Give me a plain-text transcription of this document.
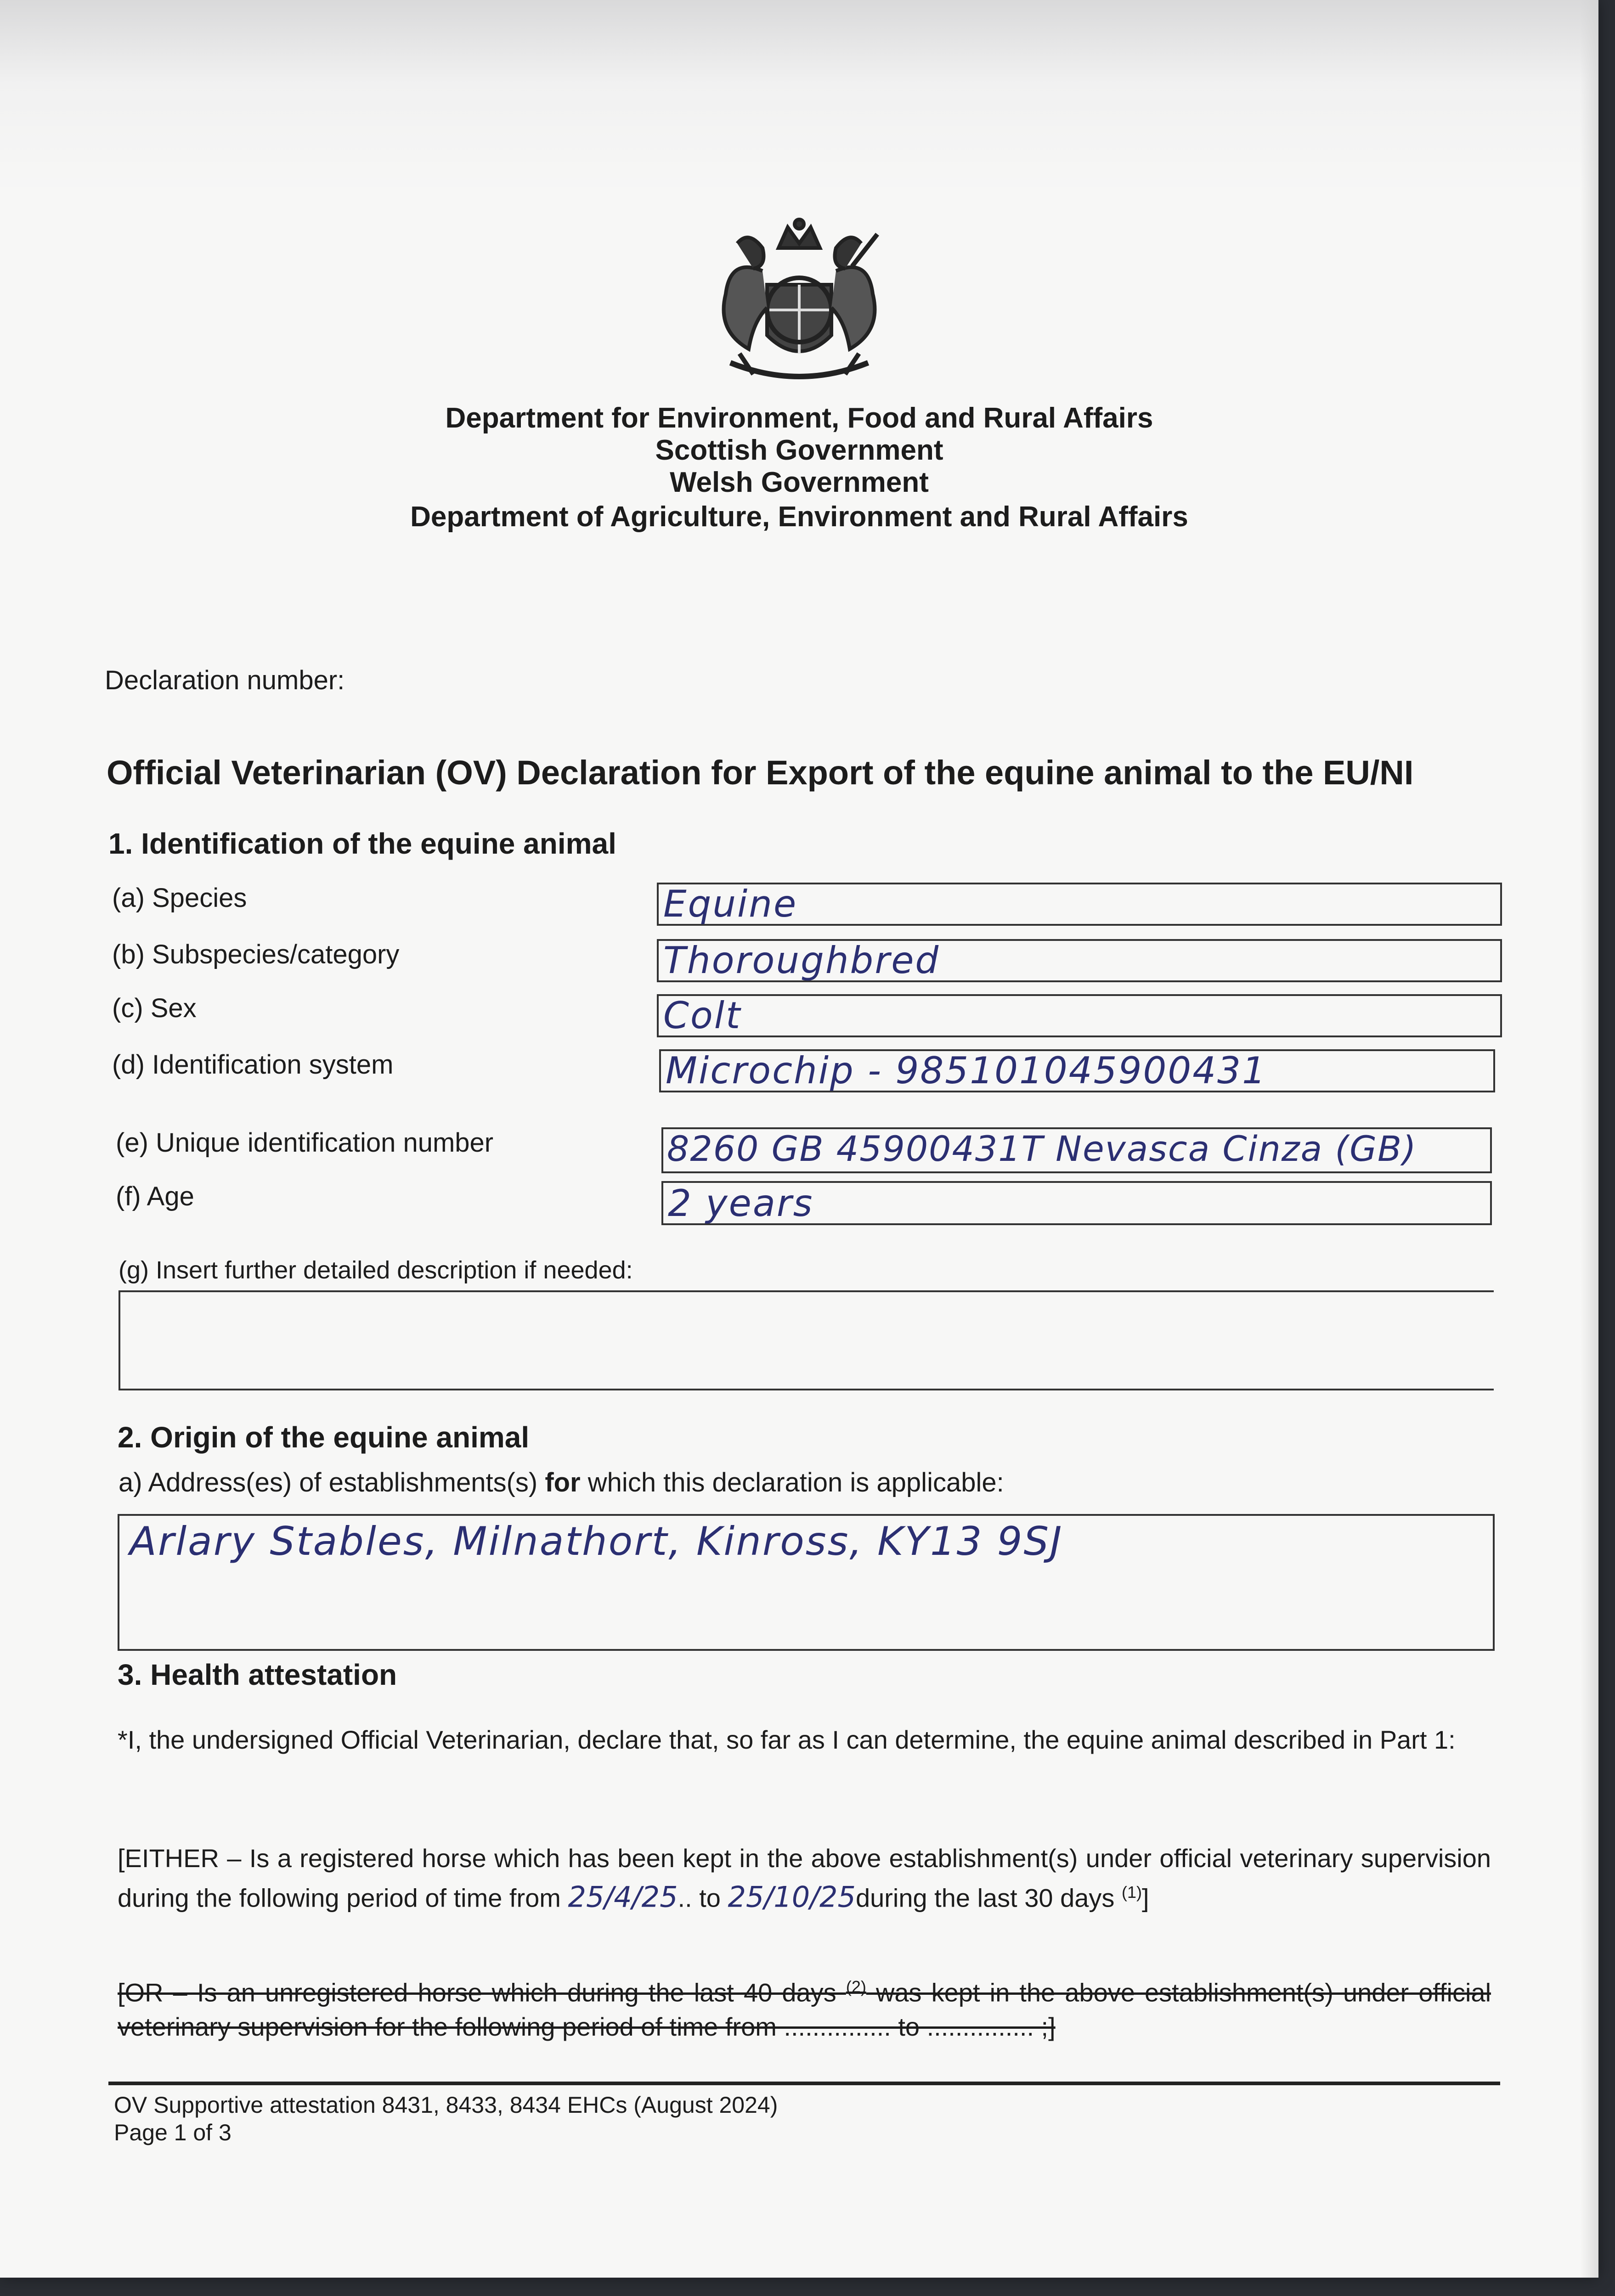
Department for Environment, Food and Rural Affairs
Scottish Government
Welsh Government
Department of Agriculture, Environment and Rural Affairs
Declaration number:
Official Veterinarian (OV) Declaration for Export of the equine animal to the EU/NI
1. Identification of the equine animal
(a) Species	Equine
(b) Subspecies/category	Thoroughbred
(c) Sex	Colt
(d) Identification system	Microchip - 985101045900431
(e) Unique identification number	8260 GB 45900431T Nevasca Cinza (GB)
(f) Age	2 years
(g) Insert further detailed description if needed:
2. Origin of the equine animal
a) Address(es) of establishments(s) for which this declaration is applicable:
Arlary Stables, Milnathort, Kinross, KY13 9SJ
3. Health attestation
*I, the undersigned Official Veterinarian, declare that, so far as I can determine, the equine animal described in Part 1:
[EITHER – Is a registered horse which has been kept in the above establishment(s) under official veterinary supervision during the following period of time from 25/4/25.. to 25/10/25during the last 30 days $^{(1)}$]
[OR – Is an unregistered horse which during the last 40 days $^{(2)}$ was kept in the above establishment(s) under official veterinary supervision for the following period of time from ............... to ............... ;]
OV Supportive attestation 8431, 8433, 8434 EHCs (August 2024)
Page 1 of 3
